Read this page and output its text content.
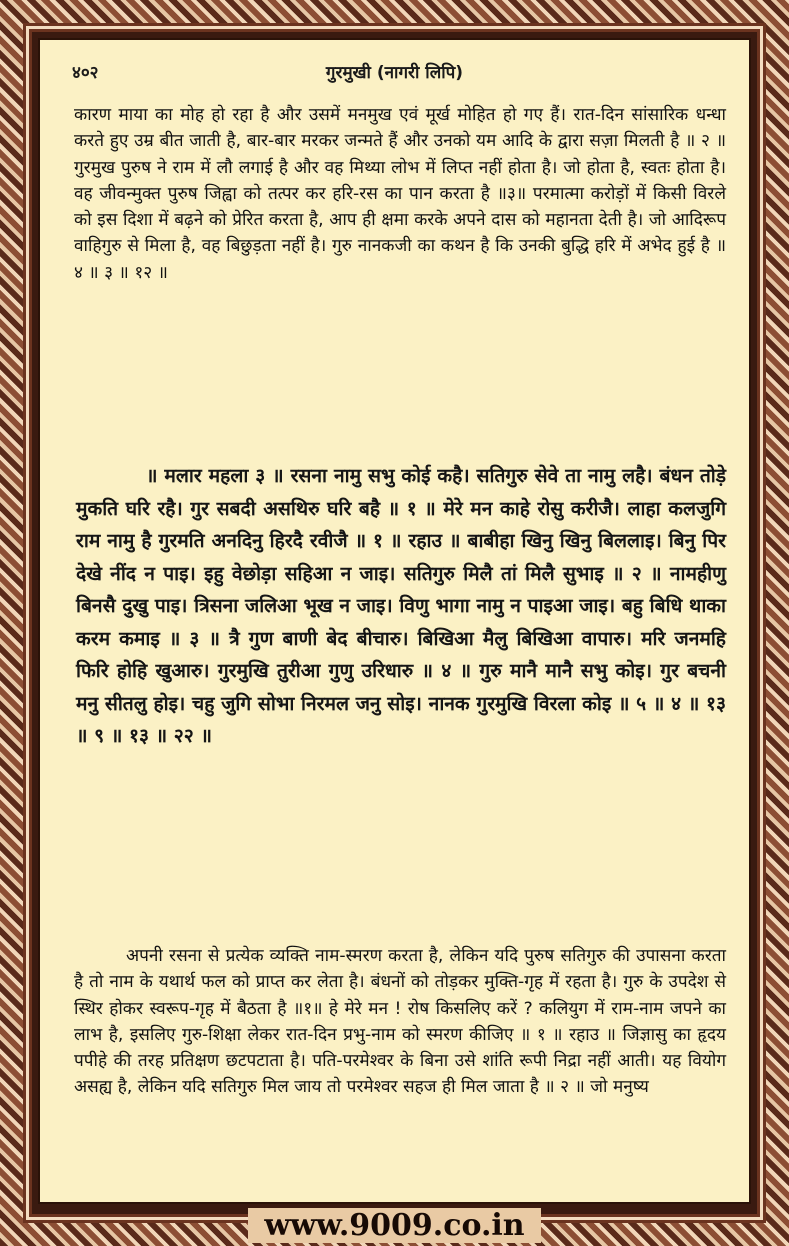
गुरमुखी (नागरी लिपि)
४०२

कारण माया का मोह हो रहा है और उसमें मनमुख एवं मूर्ख मोहित हो गए हैं। रात-दिन सांसारिक धन्धा करते हुए उम्र बीत जाती है, बार-बार मरकर जन्मते हैं और उनको यम आदि के द्वारा सज़ा मिलती है ॥ २ ॥ गुरमुख पुरुष ने राम में लौ लगाई है और वह मिथ्या लोभ में लिप्त नहीं होता है। जो होता है, स्वतः होता है। वह जीवन्मुक्त पुरुष जिह्वा को तत्पर कर हरि-रस का पान करता है ॥३॥ परमात्मा करोड़ों में किसी विरले को इस दिशा में बढ़ने को प्रेरित करता है, आप ही क्षमा करके अपने दास को महानता देती है। जो आदिरूप वाहिगुरु से मिला है, वह बिछुड़ता नहीं है। गुरु नानकजी का कथन है कि उनकी बुद्धि हरि में अभेद हुई है ॥ ४ ॥ ३ ॥ १२ ॥

॥ मलार महला ३ ॥ रसना नामु सभु कोई कहै। सतिगुरु सेवे ता नामु लहै। बंधन तोड़े मुकति घरि रहै। गुर सबदी असथिरु घरि बहै ॥ १ ॥ मेरे मन काहे रोसु करीजै। लाहा कलजुगि राम नामु है गुरमति अनदिनु हिरदै रवीजै ॥ १ ॥ रहाउ ॥ बाबीहा खिनु खिनु बिललाइ। बिनु पिर देखे नींद न पाइ। इहु वेछोड़ा सहिआ न जाइ। सतिगुरु मिलै तां मिलै सुभाइ ॥ २ ॥ नामहीणु बिनसै दुखु पाइ। त्रिसना जलिआ भूख न जाइ। विणु भागा नामु न पाइआ जाइ। बहु बिधि थाका करम कमाइ ॥ ३ ॥ त्रै गुण बाणी बेद बीचारु। बिखिआ मैलु बिखिआ वापारु। मरि जनमहि फिरि होहि खुआरु। गुरमुखि तुरीआ गुणु उरिधारु ॥ ४ ॥ गुरु मानै मानै सभु कोइ। गुर बचनी मनु सीतलु होइ। चहु जुगि सोभा निरमल जनु सोइ। नानक गुरमुखि विरला कोइ ॥ ५ ॥ ४ ॥ १३ ॥ ९ ॥ १३ ॥ २२ ॥

अपनी रसना से प्रत्येक व्यक्ति नाम-स्मरण करता है, लेकिन यदि पुरुष सतिगुरु की उपासना करता है तो नाम के यथार्थ फल को प्राप्त कर लेता है। बंधनों को तोड़कर मुक्ति-गृह में रहता है। गुरु के उपदेश से स्थिर होकर स्वरूप-गृह में बैठता है ॥१॥ हे मेरे मन ! रोष किसलिए करें ? कलियुग में राम-नाम जपने का लाभ है, इसलिए गुरु-शिक्षा लेकर रात-दिन प्रभु-नाम को स्मरण कीजिए ॥ १ ॥ रहाउ ॥ जिज्ञासु का हृदय पपीहे की तरह प्रतिक्षण छटपटाता है। पति-परमेश्वर के बिना उसे शांति रूपी निद्रा नहीं आती। यह वियोग असह्य है, लेकिन यदि सतिगुरु मिल जाय तो परमेश्वर सहज ही मिल जाता है ॥ २ ॥ जो मनुष्य

www.9009.co.in
